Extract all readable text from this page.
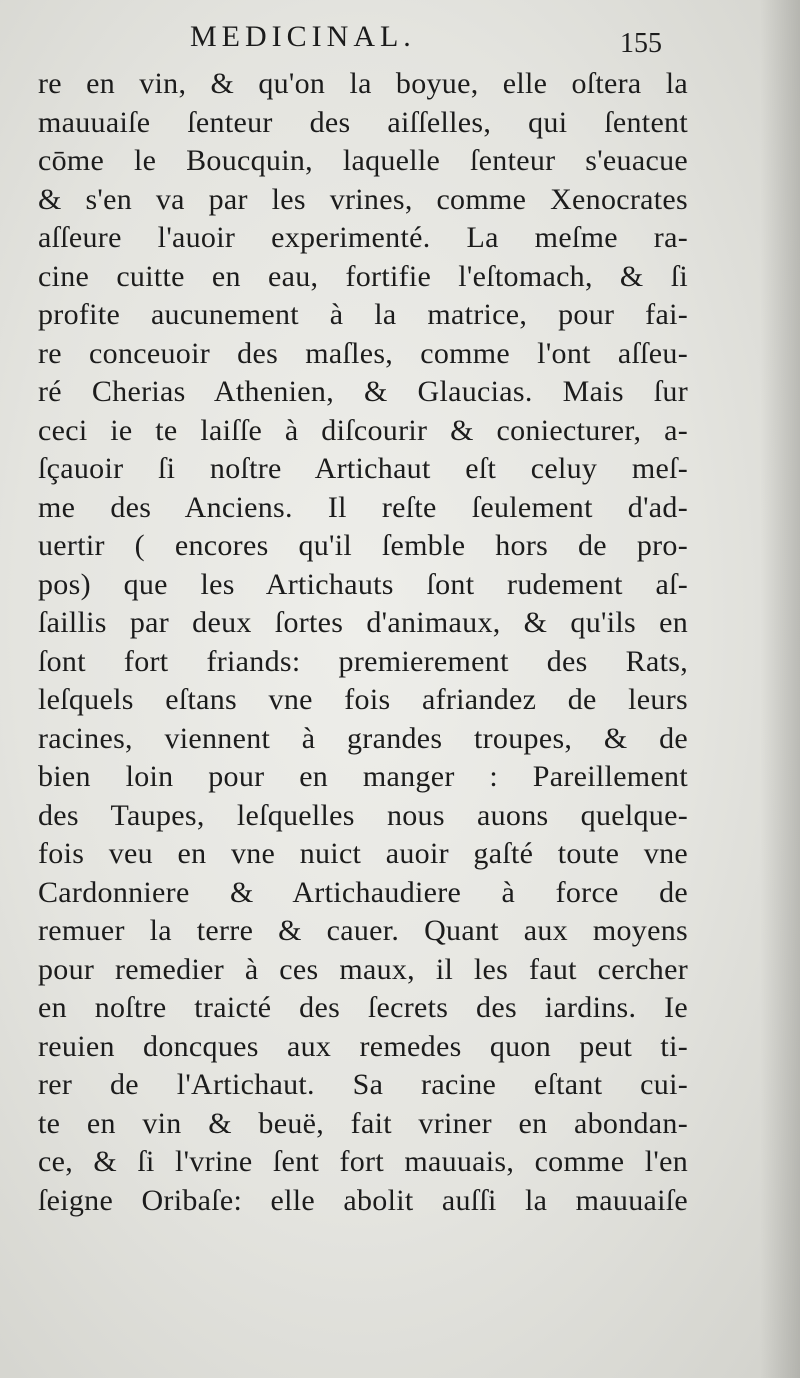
MEDICINAL.	155
re en vin, & qu'on la boyue, elle oſtera la
mauuaiſe ſenteur des aiſſelles, qui ſentent
cōme le Boucquin, laquelle ſenteur s'euacue
& s'en va par les vrines, comme Xenocrates
aſſeure l'auoir experimenté. La meſme ra-
cine cuitte en eau, fortifie l'eſtomach, & ſi
profite aucunement à la matrice, pour fai-
re conceuoir des maſles, comme l'ont aſſeu-
ré Cherias Athenien, & Glaucias. Mais ſur
ceci ie te laiſſe à diſcourir & coniecturer, a-
ſçauoir ſi noſtre Artichaut eſt celuy meſ-
me des Anciens. Il reſte ſeulement d'ad-
uertir ( encores qu'il ſemble hors de pro-
pos) que les Artichauts ſont rudement aſ-
ſaillis par deux ſortes d'animaux, & qu'ils en
ſont fort friands: premierement des Rats,
leſquels eſtans vne fois afriandez de leurs
racines, viennent à grandes troupes, & de
bien loin pour en manger : Pareillement
des Taupes, leſquelles nous auons quelque-
fois veu en vne nuict auoir gaſté toute vne
Cardonniere & Artichaudiere à force de
remuer la terre & cauer. Quant aux moyens
pour remedier à ces maux, il les faut cercher
en noſtre traicté des ſecrets des iardins. Ie
reuien doncques aux remedes quon peut ti-
rer de l'Artichaut. Sa racine eſtant cui-
te en vin & beuë, fait vriner en abondan-
ce, & ſi l'vrine ſent fort mauuais, comme l'en
ſeigne Oribaſe: elle abolit auſſi la mauuaiſe
